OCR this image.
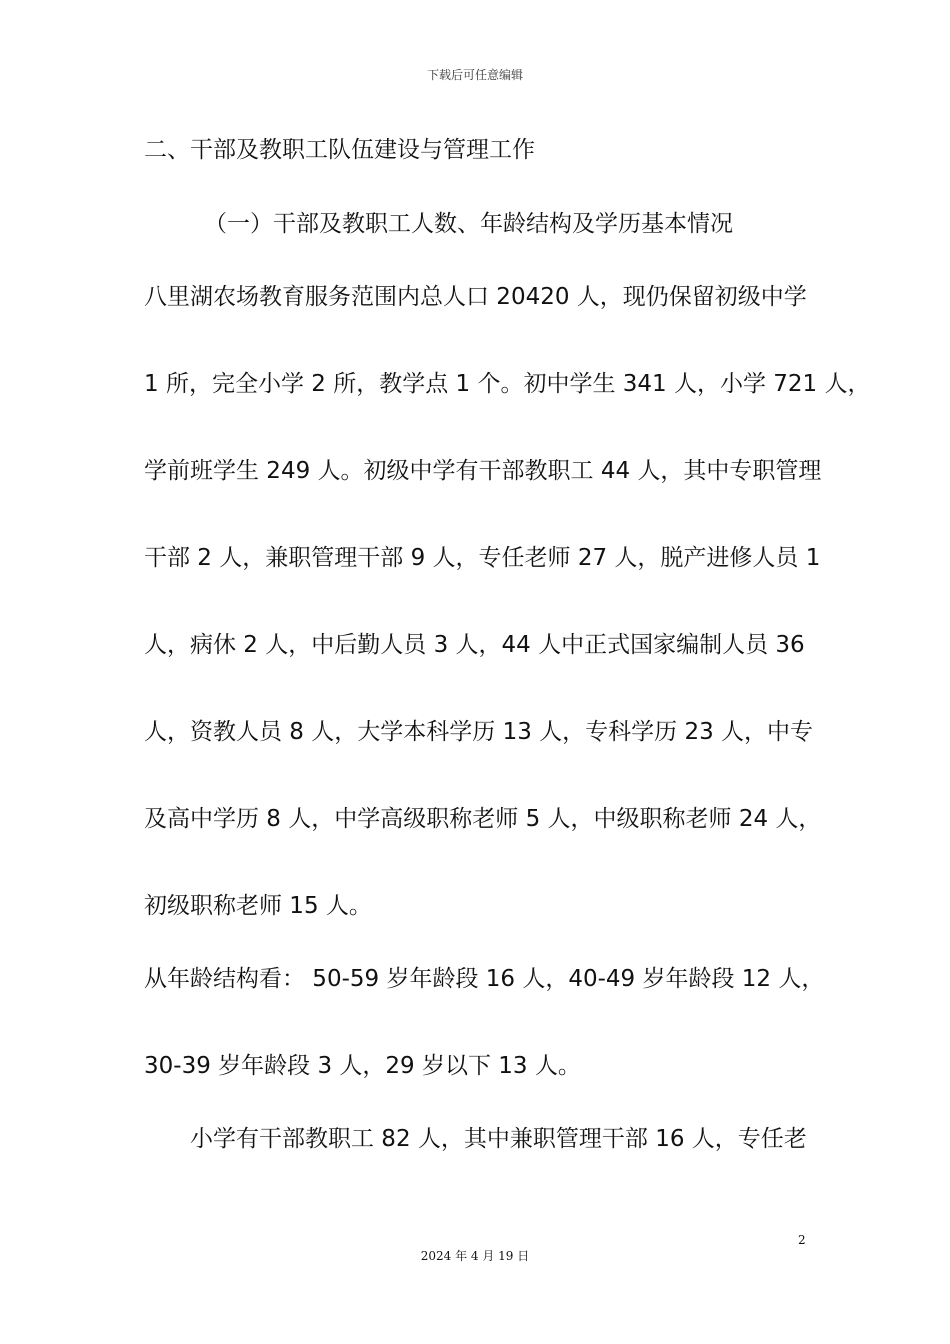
下载后可任意编辑
二、干部及教职工队伍建设与管理工作
（一）干部及教职工人数、年龄结构及学历基本情况
八里湖农场教育服务范围内总人口 20420 人，现仍保留初级中学
1 所，完全小学 2 所，教学点 1 个。初中学生 341 人，小学 721 人，
学前班学生 249 人。初级中学有干部教职工 44 人，其中专职管理
干部 2 人，兼职管理干部 9 人，专任老师 27 人，脱产进修人员 1
人，病休 2 人，中后勤人员 3 人，44 人中正式国家编制人员 36
人，资教人员 8 人，大学本科学历 13 人，专科学历 23 人，中专
及高中学历 8 人，中学高级职称老师 5 人，中级职称老师 24 人，
初级职称老师 15 人。
从年龄结构看： 50-59 岁年龄段 16 人，40-49 岁年龄段 12 人，
30-39 岁年龄段 3 人，29 岁以下 13 人。
小学有干部教职工 82 人，其中兼职管理干部 16 人，专任老
2
2024 年 4 月 19 日
